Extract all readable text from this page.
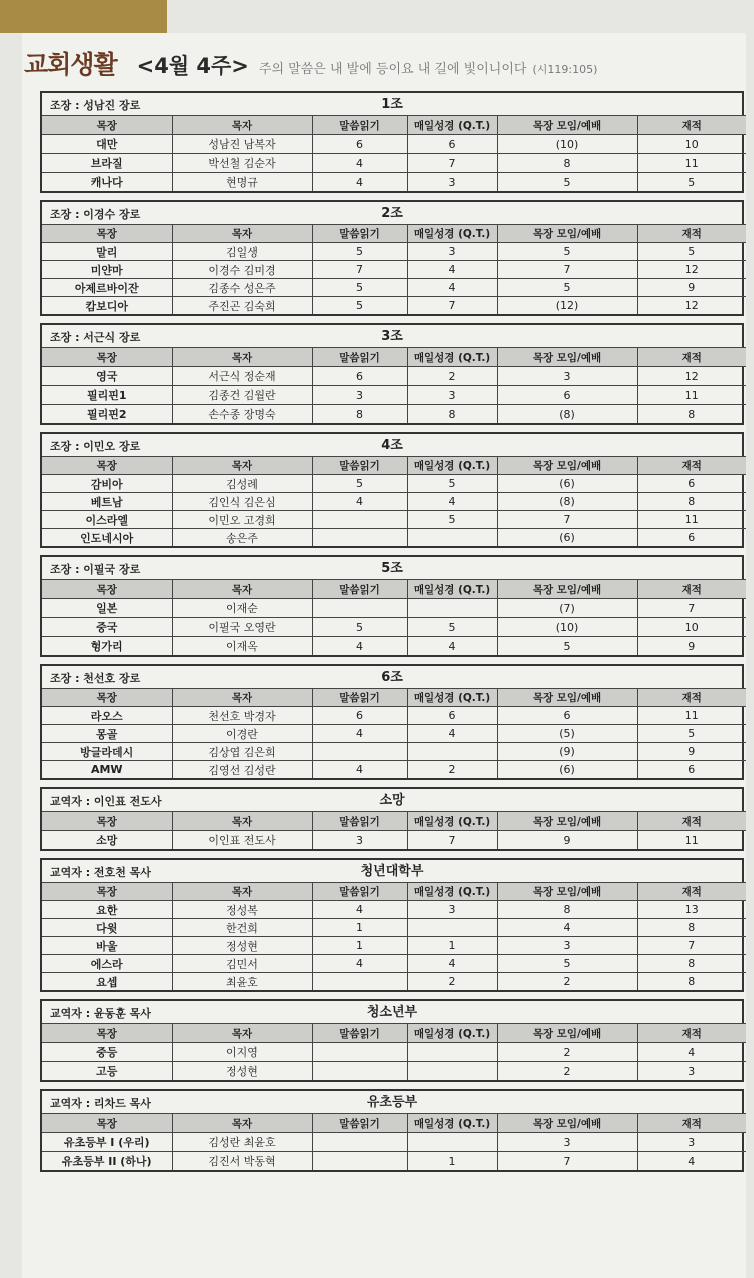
교회생활 <4월 4주> 주의 말씀은 내 발에 등이요 내 길에 빛이니이다 (시119:105)
조장 : 성남진 장로	1조
목장	목자	말씀읽기	매일성경 (Q.T.)	목장 모임/예배	재적
대만	성남진 남복자	6	6	(10)	10
브라질	박선철 김순자	4	7	8	11
캐나다	현명규	4	3	5	5
조장 : 이경수 장로	2조
목장	목자	말씀읽기	매일성경 (Q.T.)	목장 모임/예배	재적
말리	김일생	5	3	5	5
미얀마	이경수 김미경	7	4	7	12
아제르바이잔	김종수 성은주	5	4	5	9
캄보디아	주진곤 김숙희	5	7	(12)	12
조장 : 서근식 장로	3조
목장	목자	말씀읽기	매일성경 (Q.T.)	목장 모임/예배	재적
영국	서근식 정순재	6	2	3	12
필리핀1	김종건 김월란	3	3	6	11
필리핀2	손수종 장명숙	8	8	(8)	8
조장 : 이민오 장로	4조
목장	목자	말씀읽기	매일성경 (Q.T.)	목장 모임/예배	재적
감비아	김성례	5	5	(6)	6
베트남	김인식 김은심	4	4	(8)	8
이스라엘	이민오 고경희		5	7	11
인도네시아	송은주			(6)	6
조장 : 이필국 장로	5조
목장	목자	말씀읽기	매일성경 (Q.T.)	목장 모임/예배	재적
일본	이재순			(7)	7
중국	이필국 오영란	5	5	(10)	10
헝가리	이재옥	4	4	5	9
조장 : 천선호 장로	6조
목장	목자	말씀읽기	매일성경 (Q.T.)	목장 모임/예배	재적
라오스	천선호 박경자	6	6	6	11
몽골	이경란	4	4	(5)	5
방글라데시	김상엽 김은희			(9)	9
AMW	김영선 김성란	4	2	(6)	6
교역자 : 이인표 전도사	소망
목장	목자	말씀읽기	매일성경 (Q.T.)	목장 모임/예배	재적
소망	이인표 전도사	3	7	9	11
교역자 : 전호천 목사	청년대학부
목장	목자	말씀읽기	매일성경 (Q.T.)	목장 모임/예배	재적
요한	정성복	4	3	8	13
다윗	한건희	1		4	8
바울	정성현	1	1	3	7
에스라	김민서	4	4	5	8
요셉	최윤호		2	2	8
교역자 : 윤동훈 목사	청소년부
목장	목자	말씀읽기	매일성경 (Q.T.)	목장 모임/예배	재적
중등	이지영			2	4
고등	정성현			2	3
교역자 : 리차드 목사	유초등부
목장	목자	말씀읽기	매일성경 (Q.T.)	목장 모임/예배	재적
유초등부 I (우리)	김성란 최윤호			3	3
유초등부 II (하나)	김진서 박동혁		1	7	4
